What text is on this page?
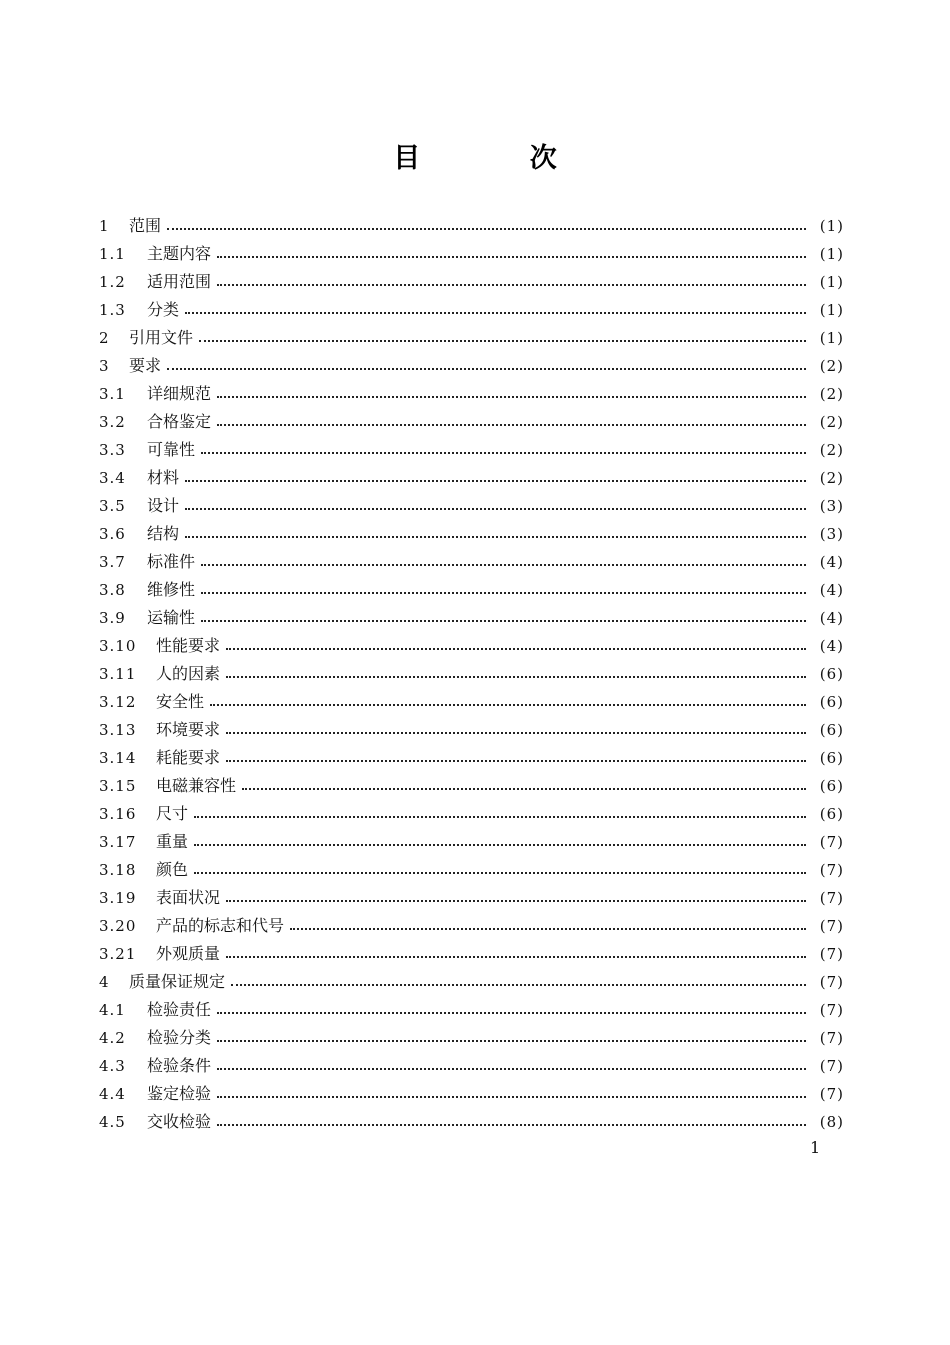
目 次
1 范围	(1)
1.1 主题内容	(1)
1.2 适用范围	(1)
1.3 分类	(1)
2 引用文件	(1)
3 要求	(2)
3.1 详细规范	(2)
3.2 合格鉴定	(2)
3.3 可靠性	(2)
3.4 材料	(2)
3.5 设计	(3)
3.6 结构	(3)
3.7 标准件	(4)
3.8 维修性	(4)
3.9 运输性	(4)
3.10 性能要求	(4)
3.11 人的因素	(6)
3.12 安全性	(6)
3.13 环境要求	(6)
3.14 耗能要求	(6)
3.15 电磁兼容性	(6)
3.16 尺寸	(6)
3.17 重量	(7)
3.18 颜色	(7)
3.19 表面状况	(7)
3.20 产品的标志和代号	(7)
3.21 外观质量	(7)
4 质量保证规定	(7)
4.1 检验责任	(7)
4.2 检验分类	(7)
4.3 检验条件	(7)
4.4 鉴定检验	(7)
4.5 交收检验	(8)
1
